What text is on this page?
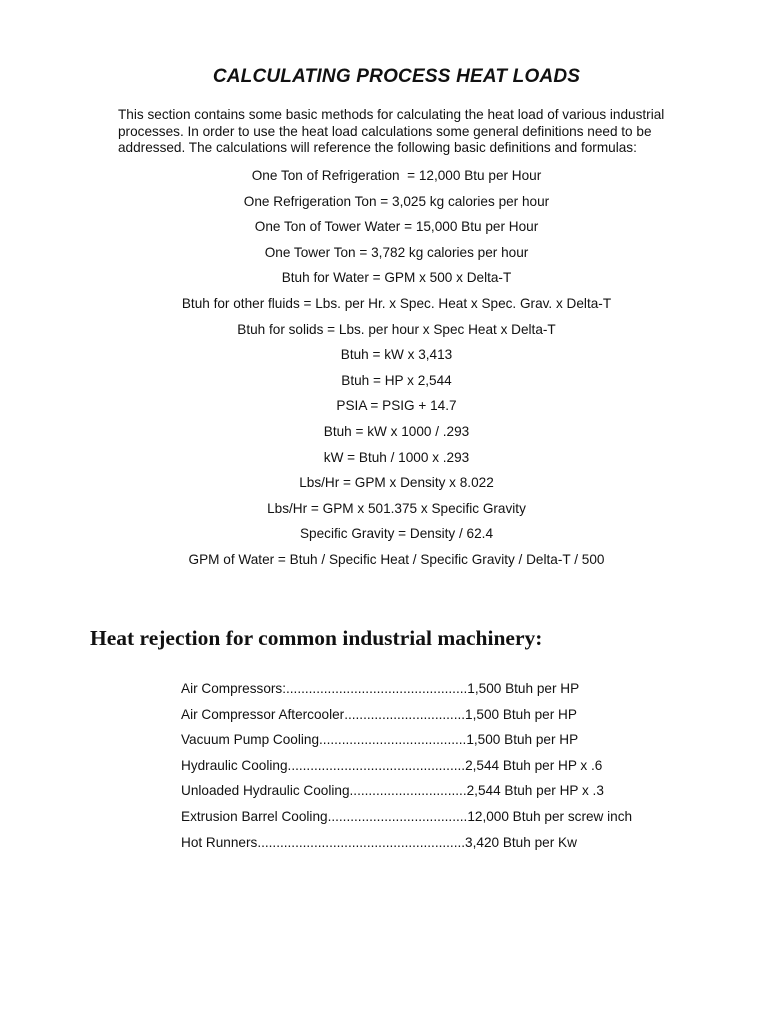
CALCULATING PROCESS HEAT LOADS

This section contains some basic methods for calculating the heat load of various industrial processes. In order to use the heat load calculations some general definitions need to be addressed. The calculations will reference the following basic definitions and formulas:

One Ton of Refrigeration  = 12,000 Btu per Hour
One Refrigeration Ton = 3,025 kg calories per hour
One Ton of Tower Water = 15,000 Btu per Hour
One Tower Ton = 3,782 kg calories per hour
Btuh for Water = GPM x 500 x Delta-T
Btuh for other fluids = Lbs. per Hr. x Spec. Heat x Spec. Grav. x Delta-T
Btuh for solids = Lbs. per hour x Spec Heat x Delta-T
Btuh = kW x 3,413
Btuh = HP x 2,544
PSIA = PSIG + 14.7
Btuh = kW x 1000 / .293
kW = Btuh / 1000 x .293
Lbs/Hr = GPM x Density x 8.022
Lbs/Hr = GPM x 501.375 x Specific Gravity
Specific Gravity = Density / 62.4
GPM of Water = Btuh / Specific Heat / Specific Gravity / Delta-T / 500
Heat rejection for common industrial machinery:
Air Compressors: ................................................ 1,500 Btuh per HP
Air Compressor Aftercooler ................................ 1,500 Btuh per HP
Vacuum Pump Cooling ....................................... 1,500 Btuh per HP
Hydraulic Cooling ............................................... 2,544 Btuh per HP x .6
Unloaded Hydraulic Cooling ............................... 2,544 Btuh per HP x .3
Extrusion Barrel Cooling ..................................... 12,000 Btuh per screw inch
Hot Runners ....................................................... 3,420 Btuh per Kw
